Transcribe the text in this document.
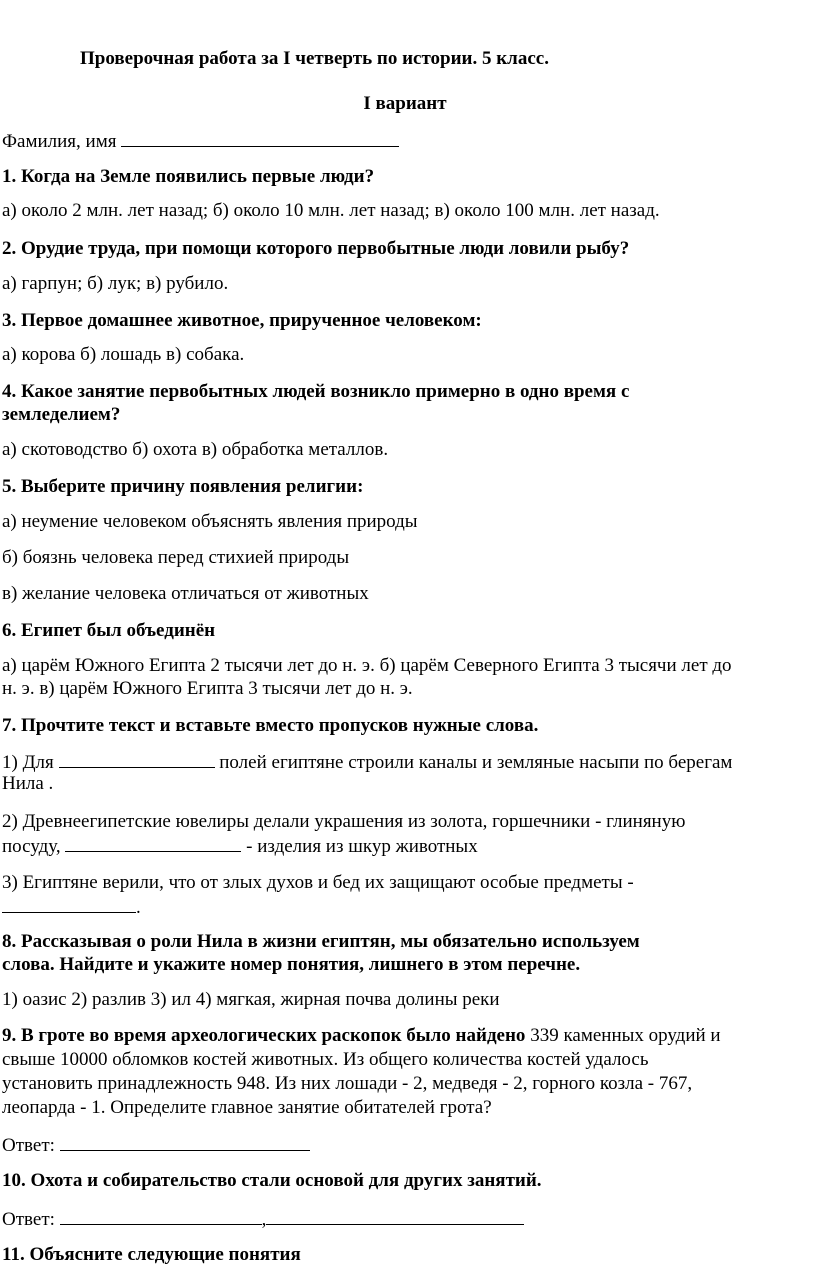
Проверочная работа за I четверть по истории. 5 класс.
I вариант
Фамилия, имя
1. Когда на Земле появились первые люди?
а) около 2 млн. лет назад; б) около 10 млн. лет назад; в) около 100 млн. лет назад.
2. Орудие труда, при помощи которого первобытные люди ловили рыбу?
а) гарпун; б) лук; в) рубило.
3. Первое домашнее животное, прирученное человеком:
а) корова б) лошадь в) собака.
4. Какое занятие первобытных людей возникло примерно в одно время с
земледелием?
а) скотоводство б) охота в) обработка металлов.
5. Выберите причину появления религии:
а) неумение человеком объяснять явления природы
б) боязнь человека перед стихией природы
в) желание человека отличаться от животных
6. Египет был объединён
а) царём Южного Египта 2 тысячи лет до н. э. б) царём Северного Египта 3 тысячи лет до
н. э. в) царём Южного Египта 3 тысячи лет до н. э.
7. Прочтите текст и вставьте вместо пропусков нужные слова.
1) Для	полей египтяне строили каналы и земляные насыпи по берегам
Нила .
2) Древнеегипетские ювелиры делали украшения из золота, горшечники - глиняную
посуду,	- изделия из шкур животных
3) Египтяне верили, что от злых духов и бед их защищают особые предметы -
.
8. Рассказывая о роли Нила в жизни египтян, мы обязательно используем
слова. Найдите и укажите номер понятия, лишнего в этом перечне.
1) оазис 2) разлив 3) ил 4) мягкая, жирная почва долины реки
9. В гроте во время археологических раскопок было найдено 339 каменных орудий и
свыше 10000 обломков костей животных. Из общего количества костей удалось
установить принадлежность 948. Из них лошади - 2, медведя - 2, горного козла - 767,
леопарда - 1. Определите главное занятие обитателей грота?
Ответ:
10. Охота и собирательство стали основой для других занятий.
Ответ:	,
11. Объясните следующие понятия
